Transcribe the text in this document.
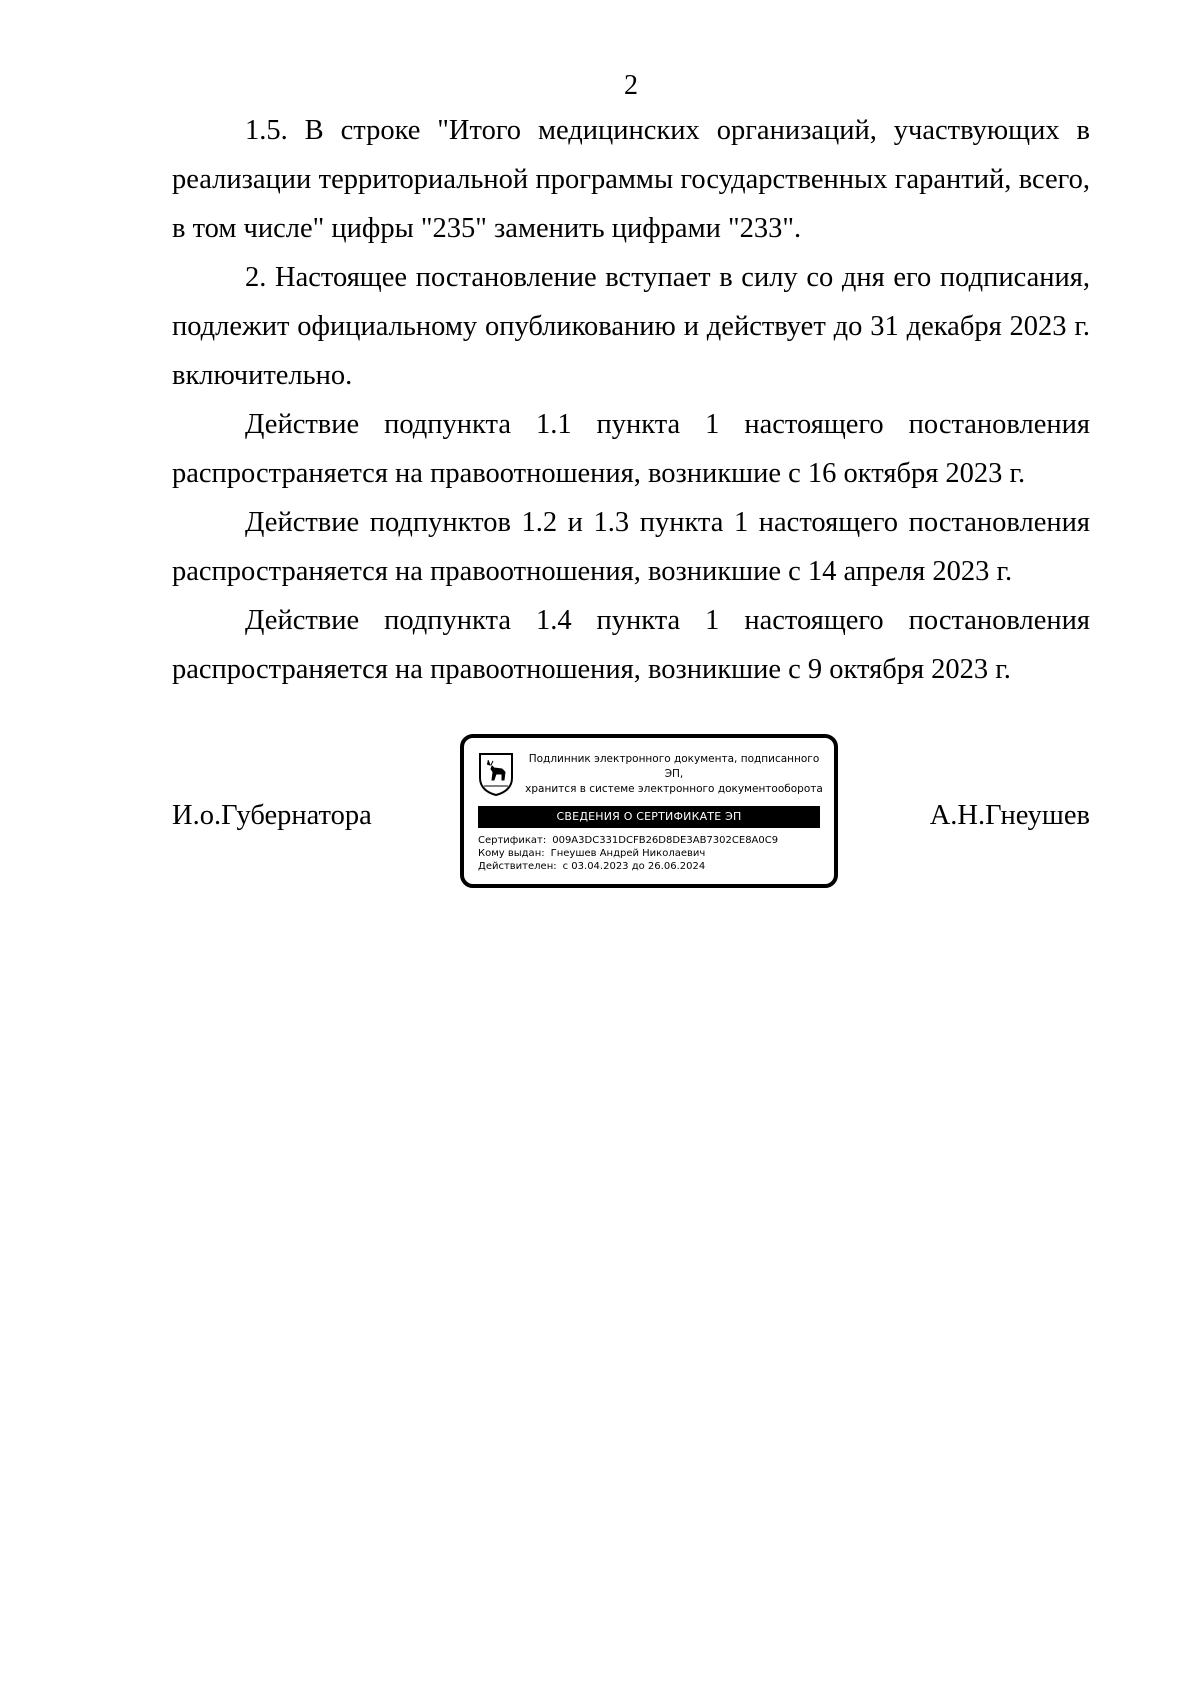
2

1.5. В строке "Итого медицинских организаций, участвующих в реализации территориальной программы государственных гарантий, всего, в том числе" цифры "235" заменить цифрами "233".

2. Настоящее постановление вступает в силу со дня его подписания, подлежит официальному опубликованию и действует до 31 декабря 2023 г. включительно.

Действие подпункта 1.1 пункта 1 настоящего постановления распространяется на правоотношения, возникшие с 16 октября 2023 г.

Действие подпунктов 1.2 и 1.3 пункта 1 настоящего постановления распространяется на правоотношения, возникшие с 14 апреля 2023 г.

Действие подпункта 1.4 пункта 1 настоящего постановления распространяется на правоотношения, возникшие с 9 октября 2023 г.

И.о.Губернатора
Подлинник электронного документа, подписанного ЭП,
хранится в системе электронного документооборота
СВЕДЕНИЯ О СЕРТИФИКАТЕ ЭП
Сертификат: 009A3DC331DCFB26D8DE3AB7302CE8A0C9
Кому выдан: Гнеушев Андрей Николаевич
Действителен: с 03.04.2023 до 26.06.2024
А.Н.Гнеушев
